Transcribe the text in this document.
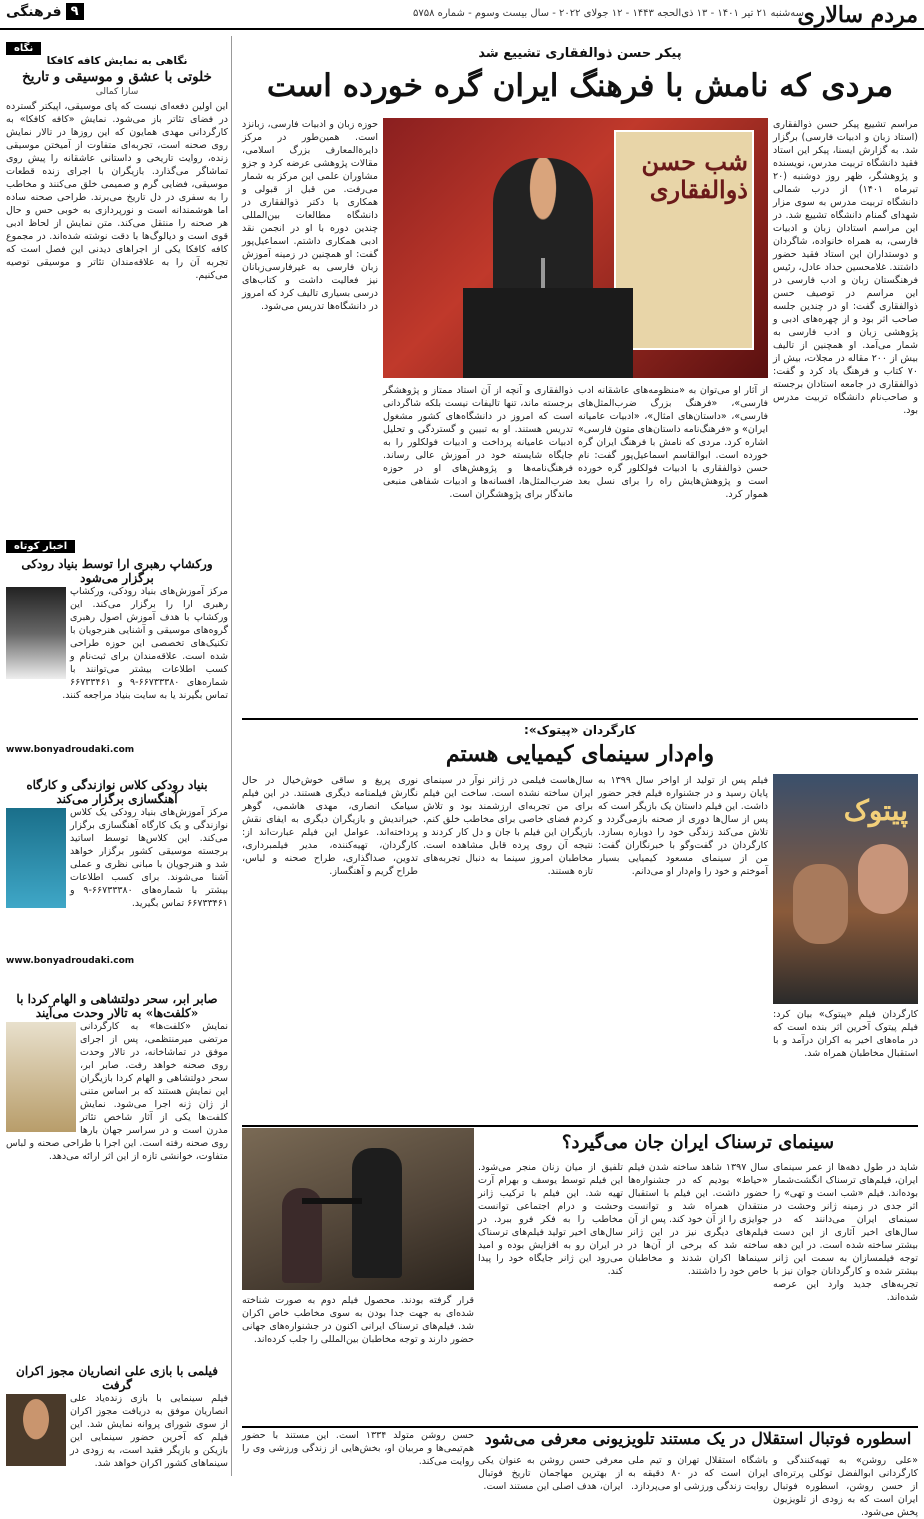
مردم سالاری
سه‌شنبه ۲۱ تیر ۱۴۰۱ - ۱۳ ذی‌الحجه ۱۴۴۳ - ۱۲ جولای ۲۰۲۲ - سال بیست وسوم - شماره ۵۷۵۸
۹
فرهنگی
پیکر حسن ذوالفقاری تشییع شد
مردی که نامش با فرهنگ ایران گره خورده است
شب حسن ذوالفقاری
مراسم تشییع پیکر حسن ذوالفقاری (استاد زبان و ادبیات فارسی) برگزار شد. به گزارش ایسنا، پیکر این استاد فقید دانشگاه تربیت مدرس، نویسنده و پژوهشگر، ظهر روز دوشنبه (۲۰ تیرماه ۱۴۰۱) از درب شمالی دانشگاه تربیت مدرس به سوی مزار شهدای گمنام دانشگاه تشییع شد. در این مراسم استادان زبان و ادبیات فارسی، به همراه خانواده، شاگردان و دوستداران این استاد فقید حضور داشتند. غلامحسین حداد عادل، رئیس فرهنگستان زبان و ادب فارسی در این مراسم در توصیف حسن ذوالفقاری گفت: او در چندین جلسه صاحب اثر بود و از چهره‌های ادبی و پژوهشی زبان و ادب فارسی به شمار می‌آمد. او همچنین از تالیف بیش از ۲۰۰ مقاله در مجلات، بیش از ۷۰ کتاب و فرهنگ یاد کرد و گفت: ذوالفقاری در جامعه استادان برجسته و صاحب‌نام دانشگاه تربیت مدرس بود.
از آثار او می‌توان به «منظومه‌های عاشقانه ادب فارسی»، «فرهنگ بزرگ ضرب‌المثل‌های فارسی»، «داستان‌های امثال»، «ادبیات عامیانه ایران» و «فرهنگ‌نامه داستان‌های متون فارسی» اشاره کرد. مردی که نامش با فرهنگ ایران گره خورده است. ابوالقاسم اسماعیل‌پور گفت: نام حسن ذوالفقاری با ادبیات فولکلور گره خورده است و پژوهش‌هایش راه را برای نسل بعد هموار کرد.
ذوالفقاری و آنچه از آن استاد ممتاز و پژوهشگر برجسته ماند، تنها تالیفات نیست بلکه شاگردانی است که امروز در دانشگاه‌های کشور مشغول تدریس هستند. او به تبیین و گستردگی و تحلیل ادبیات عامیانه پرداخت و ادبیات فولکلور را به جایگاه شایسته خود در آموزش عالی رساند. فرهنگ‌نامه‌ها و پژوهش‌های او در حوزه ضرب‌المثل‌ها، افسانه‌ها و ادبیات شفاهی منبعی ماندگار برای پژوهشگران است.
حوزه زبان و ادبیات فارسی، زبانزد است. همین‌طور در مرکز دایرةالمعارف بزرگ اسلامی، مقالات پژوهشی عرضه کرد و جزو مشاوران علمی این مرکز به شمار می‌رفت. من قبل از قبولی و همکاری با دکتر ذوالفقاری در دانشگاه مطالعات بین‌المللی چندین دوره با او در انجمن نقد ادبی همکاری داشتم. اسماعیل‌پور گفت: او همچنین در زمینه آموزش زبان فارسی به غیرفارسی‌زبانان نیز فعالیت داشت و کتاب‌های درسی بسیاری تالیف کرد که امروز در دانشگاه‌ها تدریس می‌شود.
کارگردان «پیتوک»:
وام‌دار سینمای کیمیایی هستم
پیتوک
کارگردان فیلم «پیتوک» بیان کرد: فیلم پیتوک آخرین اثر بنده است که در ماه‌های اخیر به اکران درآمد و با استقبال مخاطبان همراه شد.
فیلم پس از تولید از اواخر سال ۱۳۹۹ به پایان رسید و در جشنواره فیلم فجر حضور داشت. این فیلم داستان یک بازیگر است که پس از سال‌ها دوری از صحنه بازمی‌گردد و تلاش می‌کند زندگی خود را دوباره بسازد. کارگردان در گفت‌وگو با خبرنگاران گفت: من از سینمای مسعود کیمیایی بسیار آموختم و خود را وام‌دار او می‌دانم.
سال‌هاست فیلمی در ژانر نوآر در سینمای ایران ساخته نشده است. ساخت این فیلم برای من تجربه‌ای ارزشمند بود و تلاش کردم فضای خاصی برای مخاطب خلق کنم. بازیگران این فیلم با جان و دل کار کردند و نتیجه آن روی پرده قابل مشاهده است. مخاطبان امروز سینما به دنبال تجربه‌های تازه هستند.
نوری پریغ و ساقی خوش‌خیال در حال نگارش فیلمنامه دیگری هستند. در این فیلم سیامک انصاری، مهدی هاشمی، گوهر خیراندیش و بازیگران دیگری به ایفای نقش پرداخته‌اند. عوامل این فیلم عبارت‌اند از: کارگردان، تهیه‌کننده، مدیر فیلمبرداری، تدوین، صداگذاری، طراح صحنه و لباس، طراح گریم و آهنگساز.
سینمای ترسناک ایران جان می‌گیرد؟
شاید در طول دهه‌ها از عمر سینمای ایران، فیلم‌های ترسناک انگشت‌شمار بوده‌اند. فیلم «شب است و تهی» را اثر جدی در زمینه ژانر وحشت در سینمای ایران می‌دانند که در سال‌های اخیر آثاری از این دست بیشتر ساخته شده است. در این دهه توجه فیلمسازان به سمت این ژانر بیشتر شده و کارگردانان جوان نیز با تجربه‌های جدید وارد این عرصه شده‌اند.
سال ۱۳۹۷ شاهد ساخته شدن فیلم «حیاط» بودیم که در جشنواره‌ها حضور داشت. این فیلم با استقبال منتقدان همراه شد و توانست جوایزی را از آن خود کند. پس از آن فیلم‌های دیگری نیز در این ژانر ساخته شد که برخی از آن‌ها در سینماها اکران شدند و مخاطبان خاص خود را داشتند.
تلفیق از میان زنان منجر می‌شود. این فیلم توسط یوسف و بهرام آرت تهیه شد. این فیلم با ترکیب ژانر وحشت و درام اجتماعی توانست مخاطب را به فکر فرو ببرد. در سال‌های اخیر تولید فیلم‌های ترسناک در ایران رو به افزایش بوده و امید می‌رود این ژانر جایگاه خود را پیدا کند.
قرار گرفته بودند. محصول فیلم دوم به صورت شناخته شده‌ای به جهت جدا بودن به سوی مخاطب خاص اکران شد. فیلم‌های ترسناک ایرانی اکنون در جشنواره‌های جهانی حضور دارند و توجه مخاطبان بین‌المللی را جلب کرده‌اند.
اسطوره فوتبال استقلال در یک مستند تلویزیونی معرفی می‌شود
«علی روشن» به تهیه‌کنندگی و کارگردانی ابوالفضل توکلی پرتره‌ای از حسن روشن، اسطوره فوتبال ایران است که به زودی از تلویزیون پخش می‌شود.
باشگاه استقلال تهران و تیم ملی ایران است که در ۸۰ دقیقه به روایت زندگی ورزشی او می‌پردازد.
معرفی حسن روشن به عنوان یکی از بهترین مهاجمان تاریخ فوتبال ایران، هدف اصلی این مستند است.
حسن روشن متولد ۱۳۳۴ است. این مستند با حضور هم‌تیمی‌ها و مربیان او، بخش‌هایی از زندگی ورزشی وی را روایت می‌کند.
نگاه
نگاهی به نمایش کافه کافکا
خلوتی با عشق و موسیقی و تاریخ
سارا کمالی
این اولین دفعه‌ای نیست که پای موسیقی، اپیکتر گسترده در فضای تئاتر باز می‌شود. نمایش «کافه کافکا» به کارگردانی مهدی همایون که این روزها در تالار نمایش روی صحنه است، تجربه‌ای متفاوت از آمیختن موسیقی زنده، روایت تاریخی و داستانی عاشقانه را پیش روی تماشاگر می‌گذارد. بازیگران با اجرای زنده قطعات موسیقی، فضایی گرم و صمیمی خلق می‌کنند و مخاطب را به سفری در دل تاریخ می‌برند. طراحی صحنه ساده اما هوشمندانه است و نورپردازی به خوبی حس و حال هر صحنه را منتقل می‌کند. متن نمایش از لحاظ ادبی قوی است و دیالوگ‌ها با دقت نوشته شده‌اند. در مجموع کافه کافکا یکی از اجراهای دیدنی این فصل است که تجربه آن را به علاقه‌مندان تئاتر و موسیقی توصیه می‌کنیم.
اخبار کوتاه
ورکشاپ رهبری ارا توسط بنیاد رودکی برگزار می‌شود
مرکز آموزش‌های بنیاد رودکی، ورکشاپ رهبری ارا را برگزار می‌کند. این ورکشاپ با هدف آموزش اصول رهبری گروه‌های موسیقی و آشنایی هنرجویان با تکنیک‌های تخصصی این حوزه طراحی شده است. علاقه‌مندان برای ثبت‌نام و کسب اطلاعات بیشتر می‌توانند با شماره‌های ۶۶۷۳۳۳۸۰-۹ و ۶۶۷۳۳۴۶۱ تماس بگیرند یا به سایت بنیاد مراجعه کنند.
www.bonyadroudaki.com
بنیاد رودکی کلاس نوازندگی و کارگاه آهنگسازی برگزار می‌کند
مرکز آموزش‌های بنیاد رودکی یک کلاس نوازندگی و یک کارگاه آهنگسازی برگزار می‌کند. این کلاس‌ها توسط اساتید برجسته موسیقی کشور برگزار خواهد شد و هنرجویان با مبانی نظری و عملی آشنا می‌شوند. برای کسب اطلاعات بیشتر با شماره‌های ۶۶۷۳۳۳۸۰-۹ و ۶۶۷۳۳۴۶۱ تماس بگیرید.
www.bonyadroudaki.com
صابر ابر، سحر دولتشاهی و الهام کردا با «کلفت‌ها» به تالار وحدت می‌آیند
نمایش «کلفت‌ها» به کارگردانی مرتضی میرمنتظمی، پس از اجرای موفق در تماشاخانه، در تالار وحدت روی صحنه خواهد رفت. صابر ابر، سحر دولتشاهی و الهام کردا بازیگران این نمایش هستند که بر اساس متنی از ژان ژنه اجرا می‌شود. نمایش کلفت‌ها یکی از آثار شاخص تئاتر مدرن است و در سراسر جهان بارها روی صحنه رفته است. این اجرا با طراحی صحنه و لباس متفاوت، خوانشی تازه از این اثر ارائه می‌دهد.
فیلمی با بازی علی انصاریان مجوز اکران گرفت
فیلم سینمایی با بازی زنده‌یاد علی انصاریان موفق به دریافت مجوز اکران از سوی شورای پروانه نمایش شد. این فیلم که آخرین حضور سینمایی این بازیکن و بازیگر فقید است، به زودی در سینماهای کشور اکران خواهد شد.
